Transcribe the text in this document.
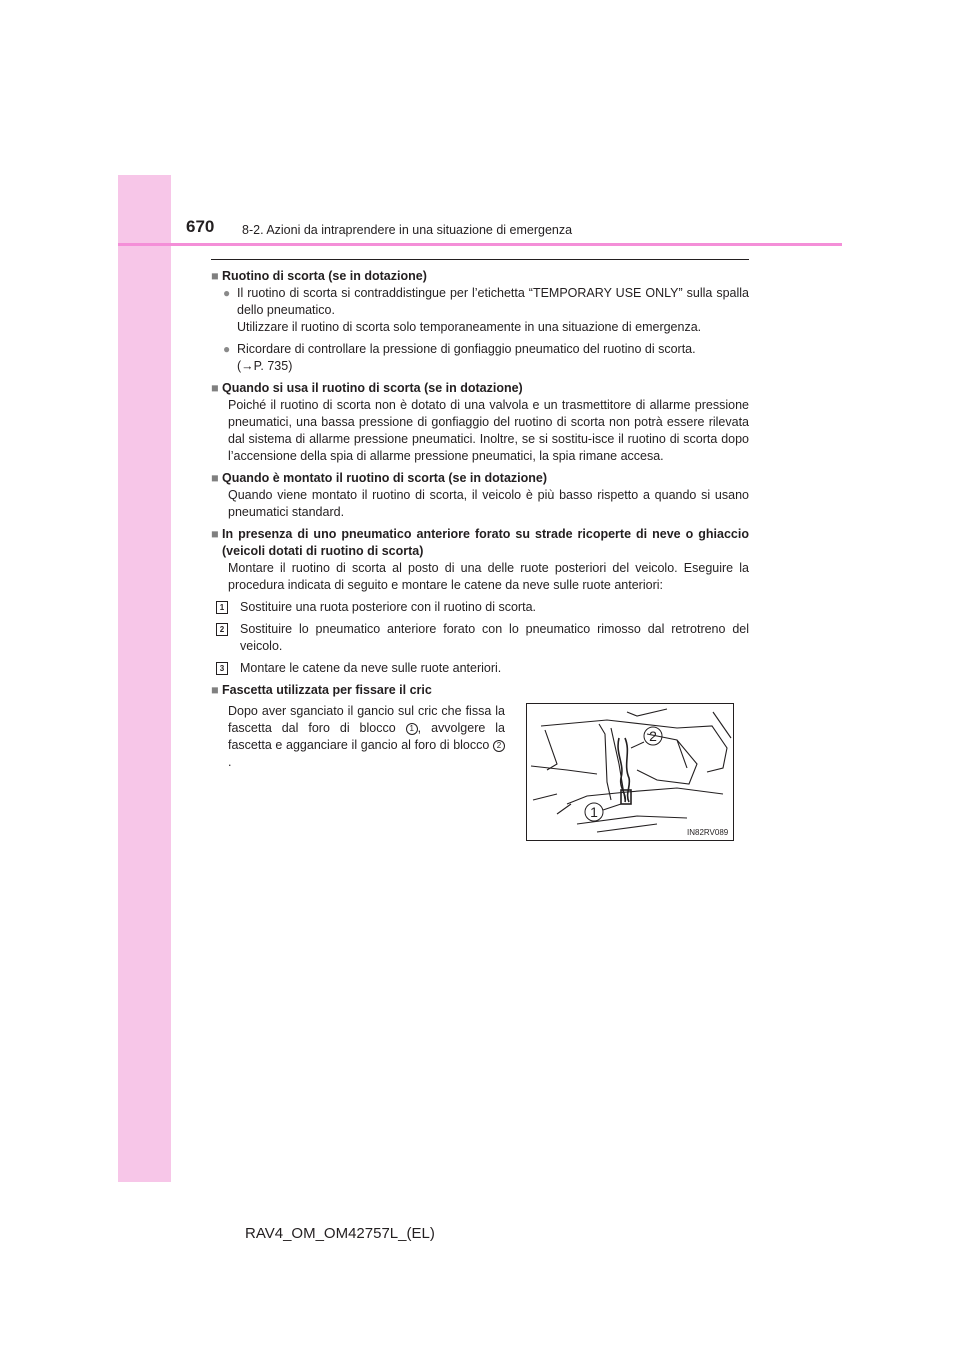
670 8-2. Azioni da intraprendere in una situazione di emergenza

■ Ruotino di scorta (se in dotazione)

● Il ruotino di scorta si contraddistingue per l’etichetta “TEMPORARY USE ONLY” sulla spalla dello pneumatico.

Utilizzare il ruotino di scorta solo temporaneamente in una situazione di emergenza.

● Ricordare di controllare la pressione di gonfiaggio pneumatico del ruotino di scorta.

(→P. 735)

■ Quando si usa il ruotino di scorta (se in dotazione)

Poiché il ruotino di scorta non è dotato di una valvola e un trasmettitore di allarme pressione pneumatici, una bassa pressione di gonfiaggio del ruotino di scorta non potrà essere rilevata dal sistema di allarme pressione pneumatici. Inoltre, se si sostitu-isce il ruotino di scorta dopo l’accensione della spia di allarme pressione pneumatici, la spia rimane accesa.

■ Quando è montato il ruotino di scorta (se in dotazione)

Quando viene montato il ruotino di scorta, il veicolo è più basso rispetto a quando si usano pneumatici standard.

■ In presenza di uno pneumatico anteriore forato su strade ricoperte di neve o ghiaccio (veicoli dotati di ruotino di scorta)

Montare il ruotino di scorta al posto di una delle ruote posteriori del veicolo. Eseguire la procedura indicata di seguito e montare le catene da neve sulle ruote anteriori:

1	Sostituire una ruota posteriore con il ruotino di scorta.
2	Sostituire lo pneumatico anteriore forato con lo pneumatico rimosso dal retrotreno del veicolo.
3	Montare le catene da neve sulle ruote anteriori.

■ Fascetta utilizzata per fissare il cric

Dopo aver sganciato il gancio sul cric che fissa la fascetta dal foro di blocco 1 , avvolgere la fascetta e agganciare il gancio al foro di blocco 2.

2
1
IN82RV089
RAV4_OM_OM42757L_(EL)
